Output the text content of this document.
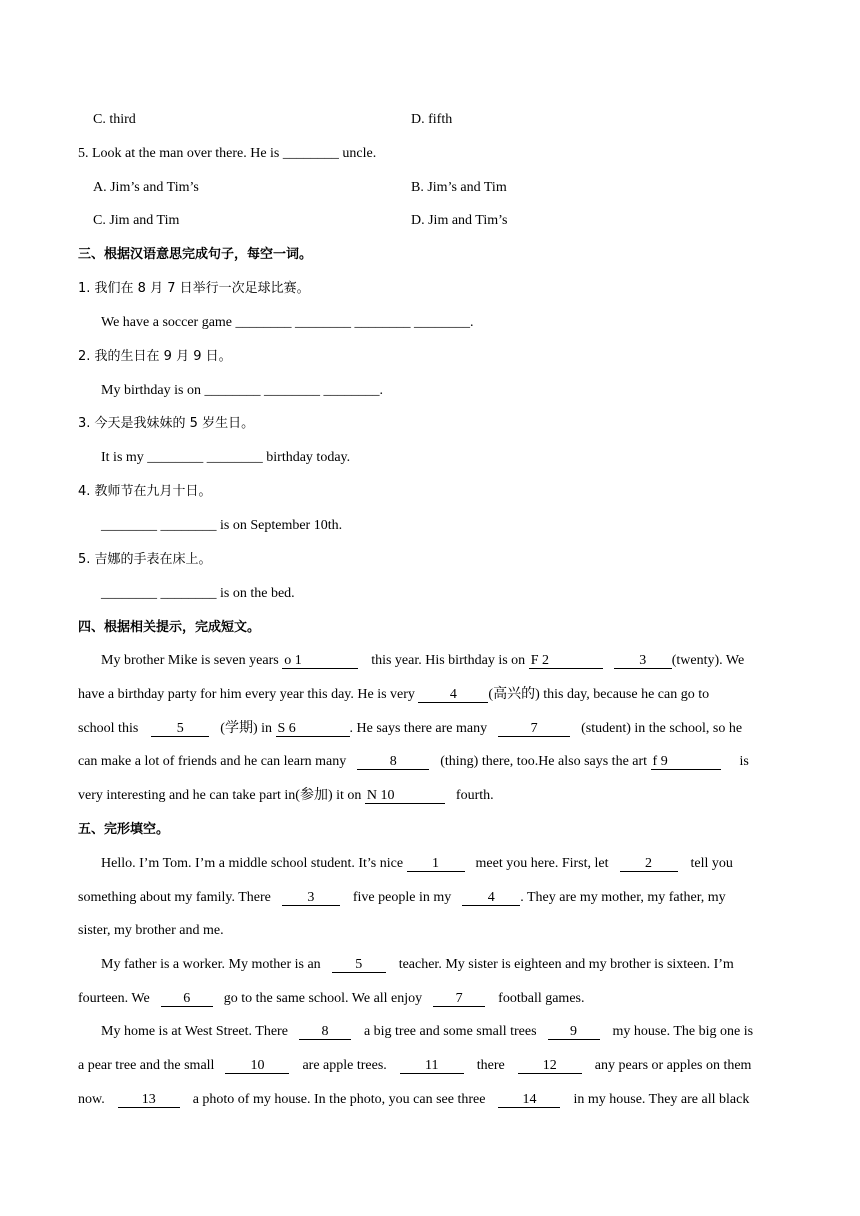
C. third	D. fifth
5. Look at the man over there. He is ________ uncle.
A. Jim’s and Tim’s	B. Jim’s and Tim
C. Jim and Tim	D. Jim and Tim’s
三、根据汉语意思完成句子，每空一词。
1. 我们在 8 月 7 日举行一次足球比赛。
We have a soccer game ________ ________ ________ ________.
2. 我的生日在 9 月 9 日。
My birthday is on ________ ________ ________.
3. 今天是我妹妹的 5 岁生日。
It is my ________ ________ birthday today.
4. 教师节在九月十日。
________ ________ is on September 10th.
5. 吉娜的手表在床上。
________ ________ is on the bed.
四、根据相关提示，完成短文。
My brother Mike is seven years o 1	this year. His birthday is on F 2	3 (twenty). We
have a birthday party for him every year this day. He is very	4 (高兴的) this day, because he can go to
school this	5	(学期) in S 6	. He says there are many	7	(student) in the school, so he
can make a lot of friends and he can learn many	8	(thing) there, too.He also says the art f 9	is
very interesting and he can take part in(参加) it on N 10	fourth.
五、完形填空。
Hello. I’m Tom. I’m a middle school student. It’s nice 1	meet you here. First, let	2	tell you
something about my family. There	3	five people in my	4 . They are my mother, my father, my
sister, my brother and me.
My father is a worker. My mother is an 5	teacher. My sister is eighteen and my brother is sixteen. I’m
fourteen. We 6 go to the same school. We all enjoy 7	football games.
My home is at West Street. There 8	a big tree and some small trees 9	my house. The big one is
a pear tree and the small	10	are apple trees.	11	there	12	any pears or apples on them
now.	13	a photo of my house. In the photo, you can see three	14	in my house. They are all black
